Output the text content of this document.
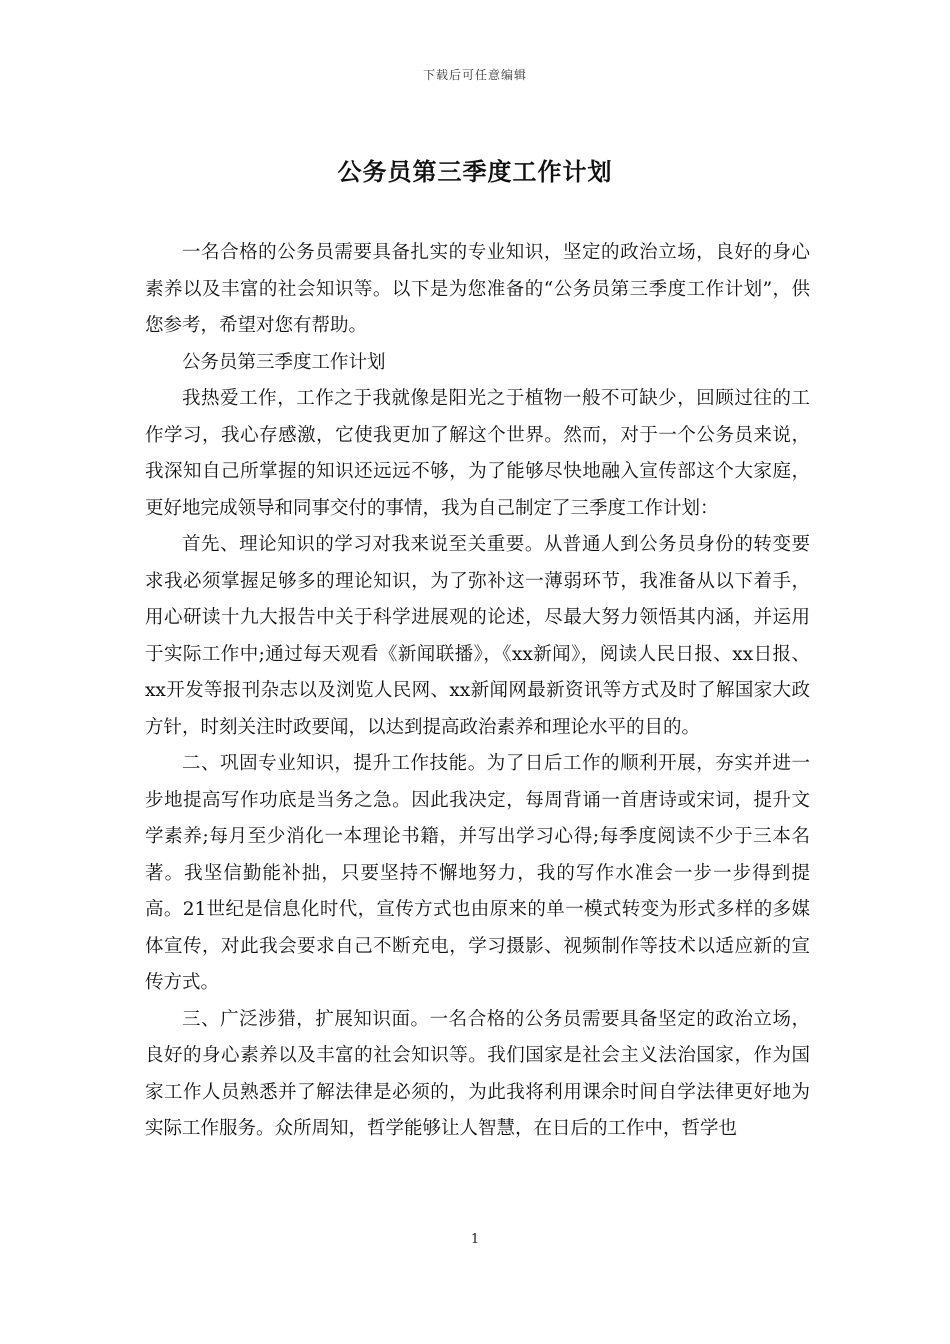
下载后可任意编辑
公务员第三季度工作计划

一名合格的公务员需要具备扎实的专业知识，坚定的政治立场，良好的身心素养以及丰富的社会知识等。以下是为您准备的“公务员第三季度工作计划”，供您参考，希望对您有帮助。

公务员第三季度工作计划

我热爱工作，工作之于我就像是阳光之于植物一般不可缺少，回顾过往的工作学习，我心存感激，它使我更加了解这个世界。然而，对于一个公务员来说，我深知自己所掌握的知识还远远不够，为了能够尽快地融入宣传部这个大家庭，更好地完成领导和同事交付的事情，我为自己制定了三季度工作计划：

首先、理论知识的学习对我来说至关重要。从普通人到公务员身份的转变要求我必须掌握足够多的理论知识，为了弥补这一薄弱环节，我准备从以下着手，用心研读十九大报告中关于科学进展观的论述，尽最大努力领悟其内涵，并运用于实际工作中;通过每天观看《新闻联播》，《xx新闻》，阅读人民日报、xx日报、xx开发等报刊杂志以及浏览人民网、xx新闻网最新资讯等方式及时了解国家大政方针，时刻关注时政要闻，以达到提高政治素养和理论水平的目的。

二、巩固专业知识，提升工作技能。为了日后工作的顺利开展，夯实并进一步地提高写作功底是当务之急。因此我决定，每周背诵一首唐诗或宋词，提升文学素养;每月至少消化一本理论书籍，并写出学习心得;每季度阅读不少于三本名著。我坚信勤能补拙，只要坚持不懈地努力，我的写作水准会一步一步得到提高。21世纪是信息化时代，宣传方式也由原来的单一模式转变为形式多样的多媒体宣传，对此我会要求自己不断充电，学习摄影、视频制作等技术以适应新的宣传方式。

三、广泛涉猎，扩展知识面。一名合格的公务员需要具备坚定的政治立场，良好的身心素养以及丰富的社会知识等。我们国家是社会主义法治国家，作为国家工作人员熟悉并了解法律是必须的，为此我将利用课余时间自学法律更好地为实际工作服务。众所周知，哲学能够让人智慧，在日后的工作中，哲学也

1
